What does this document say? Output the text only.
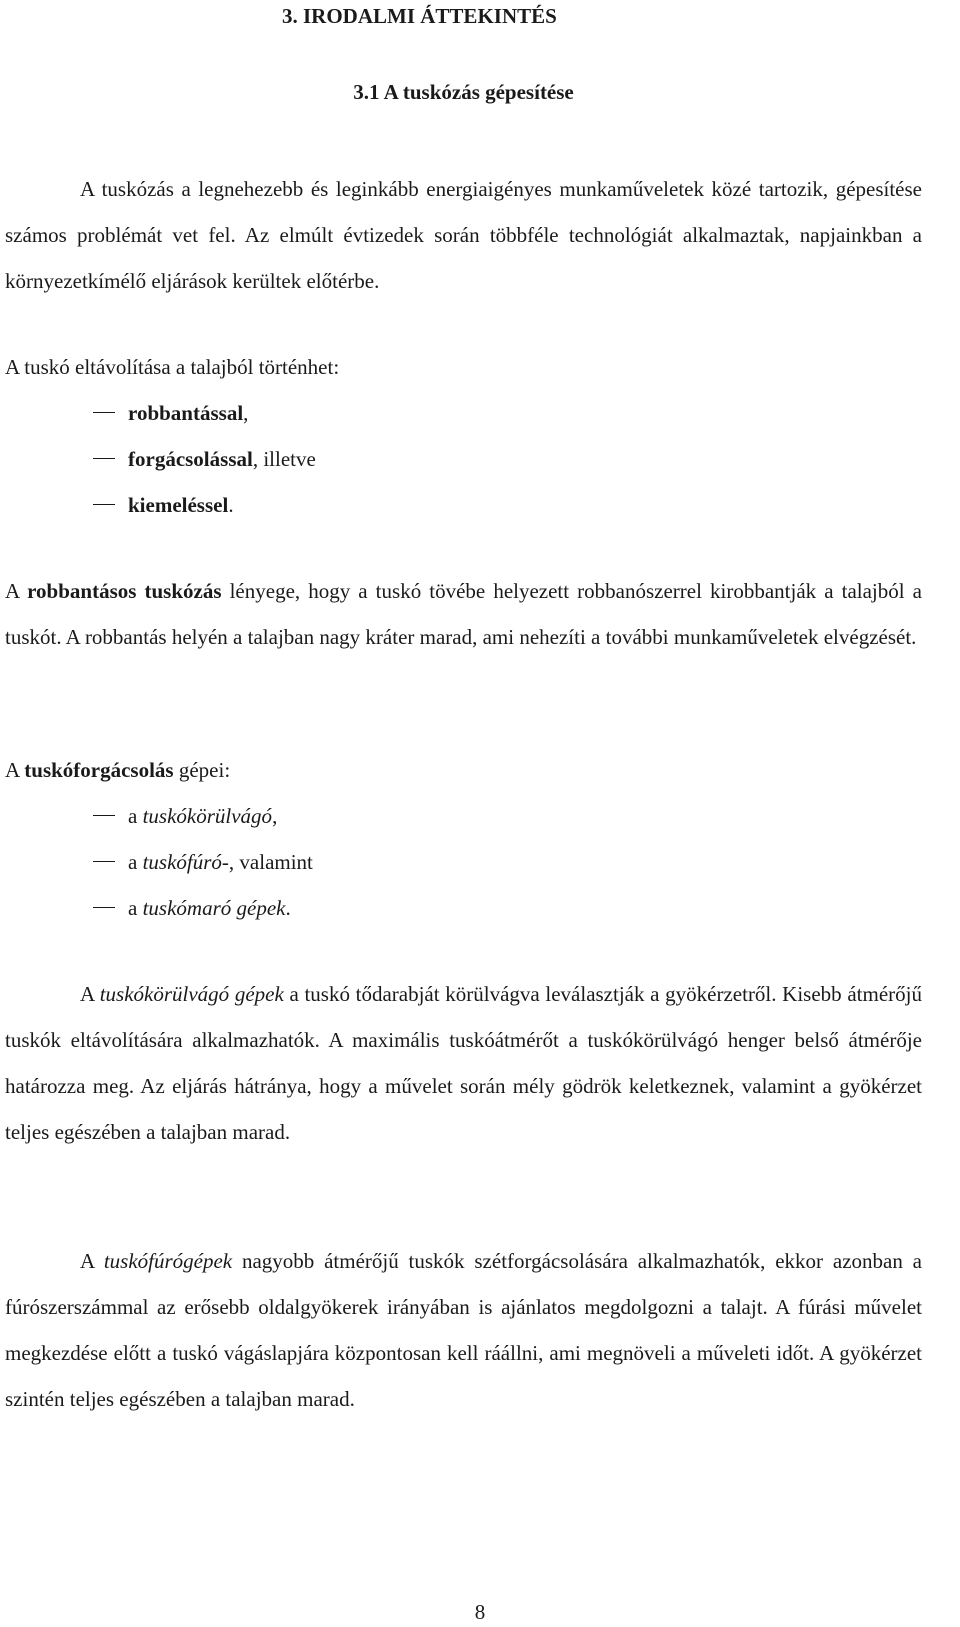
3. IRODALMI ÁTTEKINTÉS
3.1 A tuskózás gépesítése

A tuskózás a legnehezebb és leginkább energiaigényes munkaműveletek közé tartozik, gépesítése számos problémát vet fel. Az elmúlt évtizedek során többféle technológiát alkalmaztak, napjainkban a környezetkímélő eljárások kerültek előtérbe.

A tuskó eltávolítása a talajból történhet:

robbantással,
forgácsolással, illetve
kiemeléssel.

A robbantásos tuskózás lényege, hogy a tuskó tövébe helyezett robbanószerrel kirobbantják a talajból a tuskót. A robbantás helyén a talajban nagy kráter marad, ami nehezíti a további munkaműveletek elvégzését.

A tuskóforgácsolás gépei:

a tuskókörülvágó,
a tuskófúró-, valamint
a tuskómaró gépek.

A tuskókörülvágó gépek a tuskó tődarabját körülvágva leválasztják a gyökérzetről. Kisebb átmérőjű tuskók eltávolítására alkalmazhatók. A maximális tuskóátmérőt a tuskókörülvágó henger belső átmérője határozza meg. Az eljárás hátránya, hogy a művelet során mély gödrök keletkeznek, valamint a gyökérzet teljes egészében a talajban marad.

A tuskófúrógépek nagyobb átmérőjű tuskók szétforgácsolására alkalmazhatók, ekkor azonban a fúrószerszámmal az erősebb oldalgyökerek irányában is ajánlatos megdolgozni a talajt. A fúrási művelet megkezdése előtt a tuskó vágáslapjára központosan kell ráállni, ami megnöveli a műveleti időt. A gyökérzet szintén teljes egészében a talajban marad.

8
